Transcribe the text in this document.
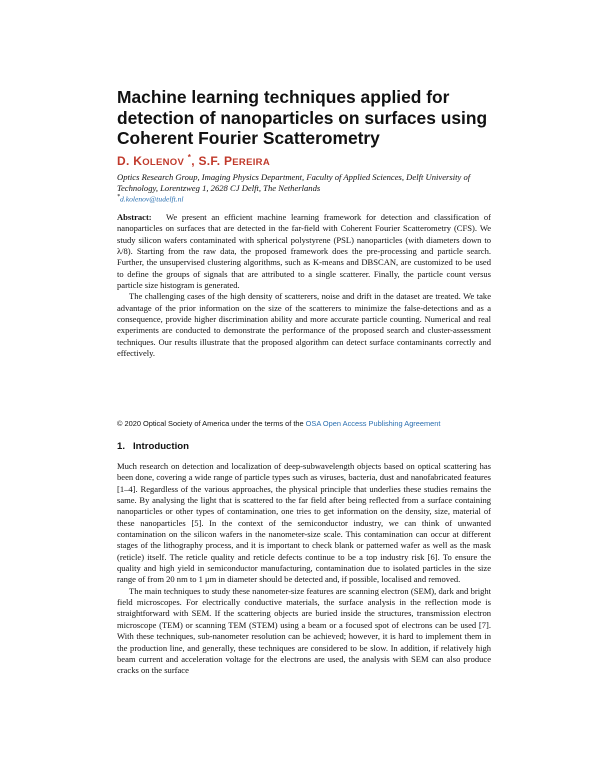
Machine learning techniques applied for detection of nanoparticles on surfaces using Coherent Fourier Scatterometry
D. KOLENOV *, S.F. PEREIRA
Optics Research Group, Imaging Physics Department, Faculty of Applied Sciences, Delft University of Technology, Lorentzweg 1, 2628 CJ Delft, The Netherlands
*d.kolenov@tudelft.nl

Abstract: We present an efficient machine learning framework for detection and classification of nanoparticles on surfaces that are detected in the far-field with Coherent Fourier Scatterometry (CFS). We study silicon wafers contaminated with spherical polystyrene (PSL) nanoparticles (with diameters down to λ/8). Starting from the raw data, the proposed framework does the pre-processing and particle search. Further, the unsupervised clustering algorithms, such as K-means and DBSCAN, are customized to be used to define the groups of signals that are attributed to a single scatterer. Finally, the particle count versus particle size histogram is generated.

The challenging cases of the high density of scatterers, noise and drift in the dataset are treated. We take advantage of the prior information on the size of the scatterers to minimize the false-detections and as a consequence, provide higher discrimination ability and more accurate particle counting. Numerical and real experiments are conducted to demonstrate the performance of the proposed search and cluster-assessment techniques. Our results illustrate that the proposed algorithm can detect surface contaminants correctly and effectively.

© 2020 Optical Society of America under the terms of the OSA Open Access Publishing Agreement
1. Introduction

Much research on detection and localization of deep-subwavelength objects based on optical scattering has been done, covering a wide range of particle types such as viruses, bacteria, dust and nanofabricated features [1–4]. Regardless of the various approaches, the physical principle that underlies these studies remains the same. By analysing the light that is scattered to the far field after being reflected from a surface containing nanoparticles or other types of contamination, one tries to get information on the density, size, material of these nanoparticles [5]. In the context of the semiconductor industry, we can think of unwanted contamination on the silicon wafers in the nanometer-size scale. This contamination can occur at different stages of the lithography process, and it is important to check blank or patterned wafer as well as the mask (reticle) itself. The reticle quality and reticle defects continue to be a top industry risk [6]. To ensure the quality and high yield in semiconductor manufacturing, contamination due to isolated particles in the size range of from 20 nm to 1 μm in diameter should be detected and, if possible, localised and removed.

The main techniques to study these nanometer-size features are scanning electron (SEM), dark and bright field microscopes. For electrically conductive materials, the surface analysis in the reflection mode is straightforward with SEM. If the scattering objects are buried inside the structures, transmission electron microscope (TEM) or scanning TEM (STEM) using a beam or a focused spot of electrons can be used [7]. With these techniques, sub-nanometer resolution can be achieved; however, it is hard to implement them in the production line, and generally, these techniques are considered to be slow. In addition, if relatively high beam current and acceleration voltage for the electrons are used, the analysis with SEM can also produce cracks on the surface
